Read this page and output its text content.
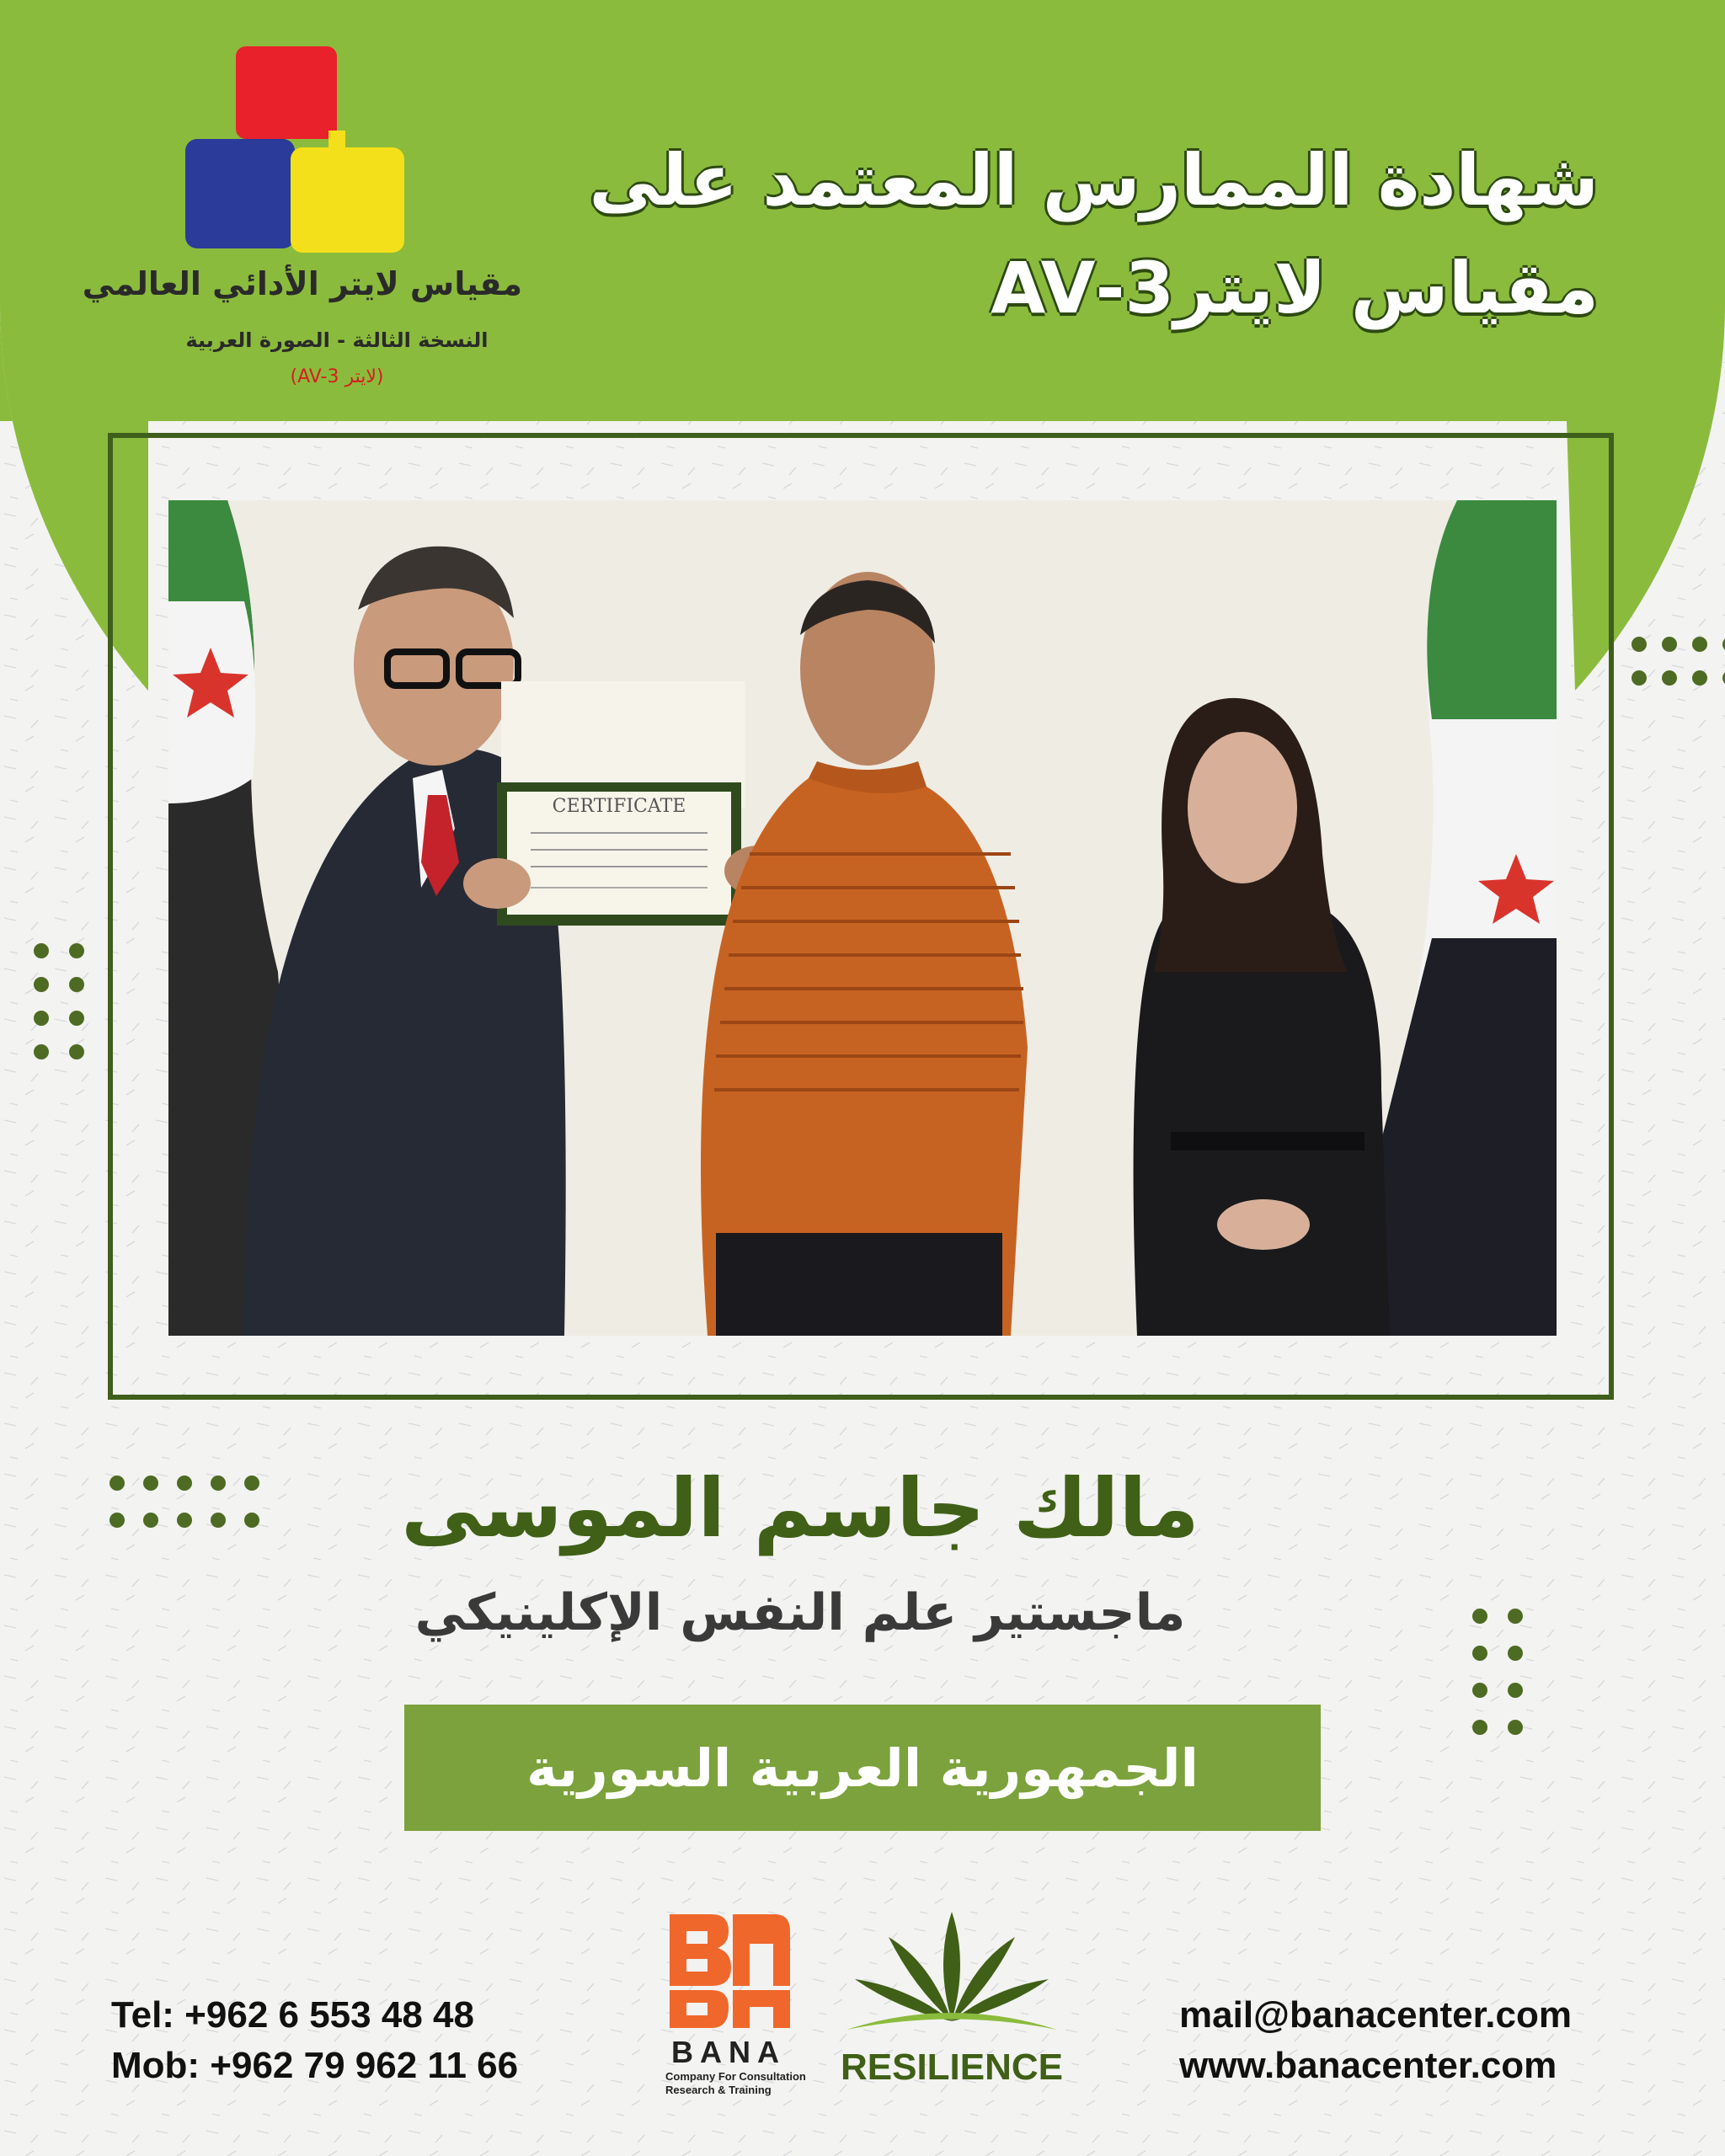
مقياس لايتر الأدائي العالمي
النسخة الثالثة - الصورة العربية
(لايتر AV-3)
شهادة الممارس المعتمد على
مقياس لايتر3-AV
CERTIFICATE
مالك جاسم الموسى
ماجستير علم النفس الإكلينيكي
الجمهورية العربية السورية
Tel: +962 6 553 48 48
Mob: +962 79 962 11 66
mail@banacenter.com
www.banacenter.com
BANA
Company For Consultation
Research & Training
RESILIENCE
